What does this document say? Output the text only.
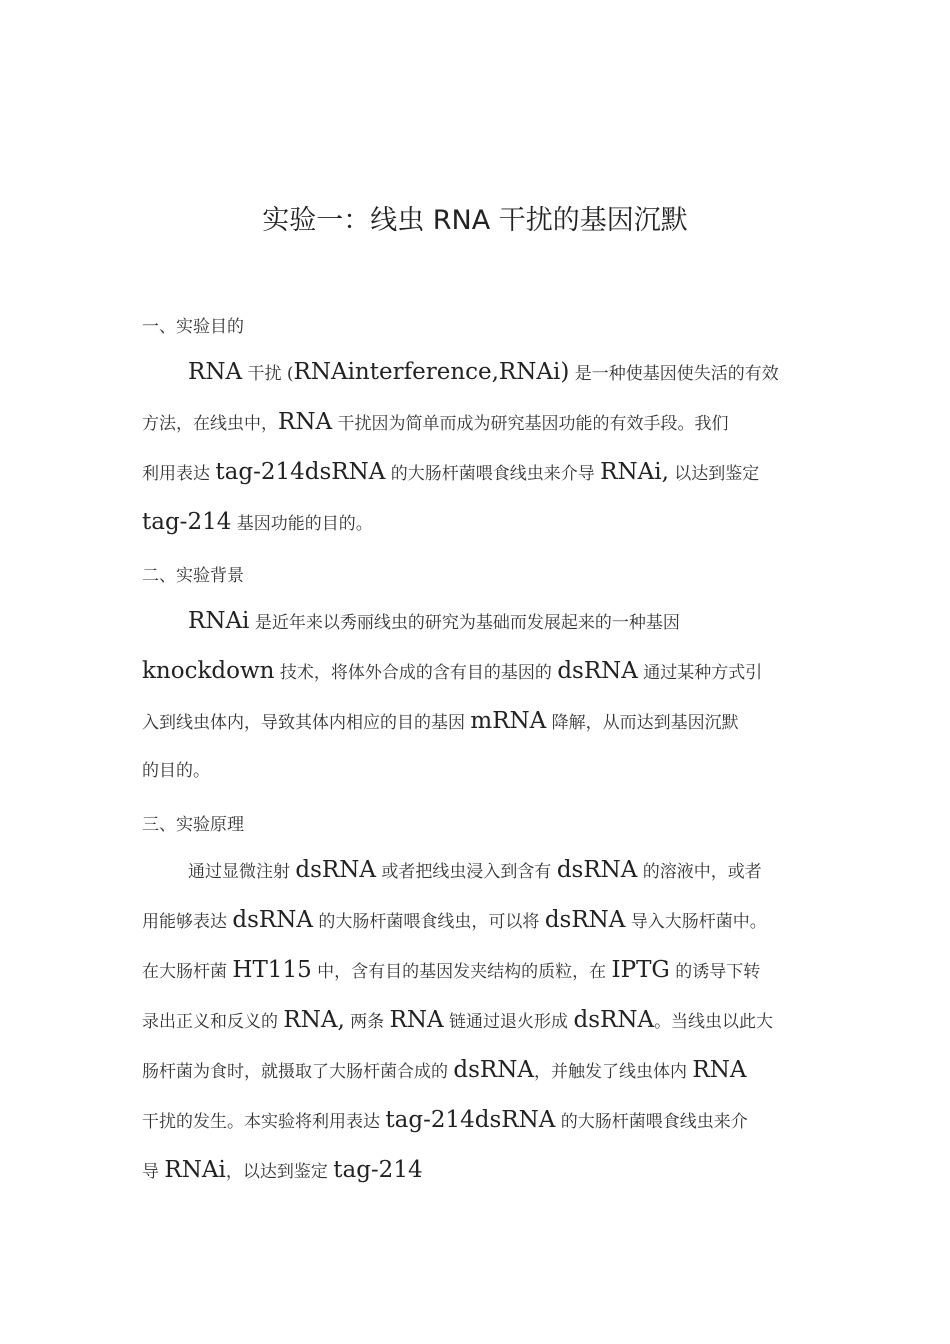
实验一：线虫 RNA 干扰的基因沉默
一、实验目的
RNA 干扰 (RNAinterference,RNAi) 是一种使基因使失活的有效
方法，在线虫中，RNA 干扰因为简单而成为研究基因功能的有效手段。我们
利用表达 tag-214dsRNA 的大肠杆菌喂食线虫来介导 RNAi, 以达到鉴定
tag-214 基因功能的目的。
二、实验背景
RNAi 是近年来以秀丽线虫的研究为基础而发展起来的一种基因
knockdown 技术，将体外合成的含有目的基因的 dsRNA 通过某种方式引
入到线虫体内，导致其体内相应的目的基因 mRNA 降解，从而达到基因沉默
的目的。
三、实验原理
通过显微注射 dsRNA 或者把线虫浸入到含有 dsRNA 的溶液中，或者
用能够表达 dsRNA 的大肠杆菌喂食线虫，可以将 dsRNA 导入大肠杆菌中。
在大肠杆菌 HT115 中，含有目的基因发夹结构的质粒，在 IPTG 的诱导下转
录出正义和反义的 RNA, 两条 RNA 链通过退火形成 dsRNA。当线虫以此大
肠杆菌为食时，就摄取了大肠杆菌合成的 dsRNA，并触发了线虫体内 RNA
干扰的发生。本实验将利用表达 tag-214dsRNA 的大肠杆菌喂食线虫来介
导 RNAi，以达到鉴定 tag-214
